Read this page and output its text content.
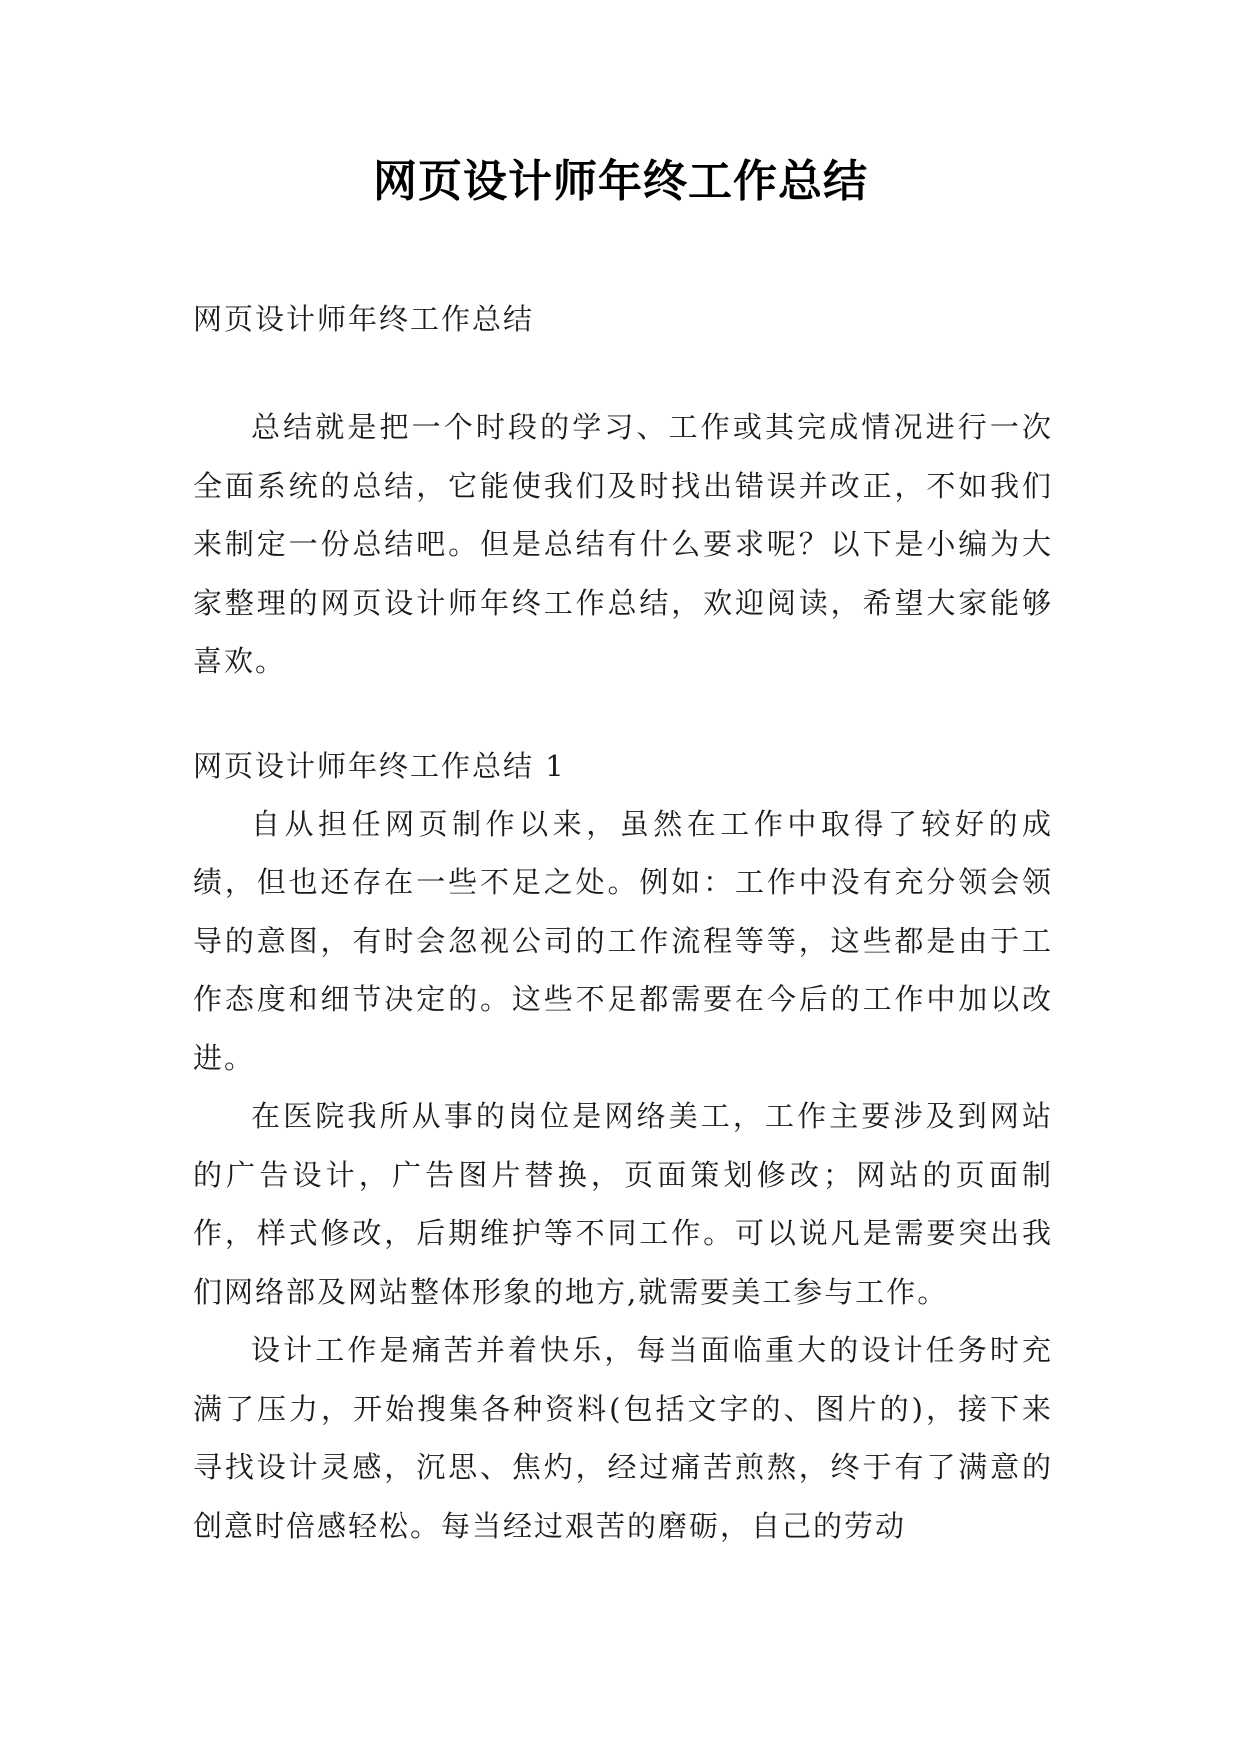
网页设计师年终工作总结

网页设计师年终工作总结

总结就是把一个时段的学习、工作或其完成情况进行一次全面系统的总结，它能使我们及时找出错误并改正，不如我们来制定一份总结吧。但是总结有什么要求呢？以下是小编为大家整理的网页设计师年终工作总结，欢迎阅读，希望大家能够喜欢。

网页设计师年终工作总结 1

自从担任网页制作以来，虽然在工作中取得了较好的成绩，但也还存在一些不足之处。例如：工作中没有充分领会领导的意图，有时会忽视公司的工作流程等等，这些都是由于工作态度和细节决定的。这些不足都需要在今后的工作中加以改进。

在医院我所从事的岗位是网络美工，工作主要涉及到网站的广告设计，广告图片替换，页面策划修改；网站的页面制作，样式修改，后期维护等不同工作。可以说凡是需要突出我们网络部及网站整体形象的地方,就需要美工参与工作。

设计工作是痛苦并着快乐，每当面临重大的设计任务时充满了压力，开始搜集各种资料(包括文字的、图片的)，接下来寻找设计灵感，沉思、焦灼，经过痛苦煎熬，终于有了满意的创意时倍感轻松。每当经过艰苦的磨砺，自己的劳动
